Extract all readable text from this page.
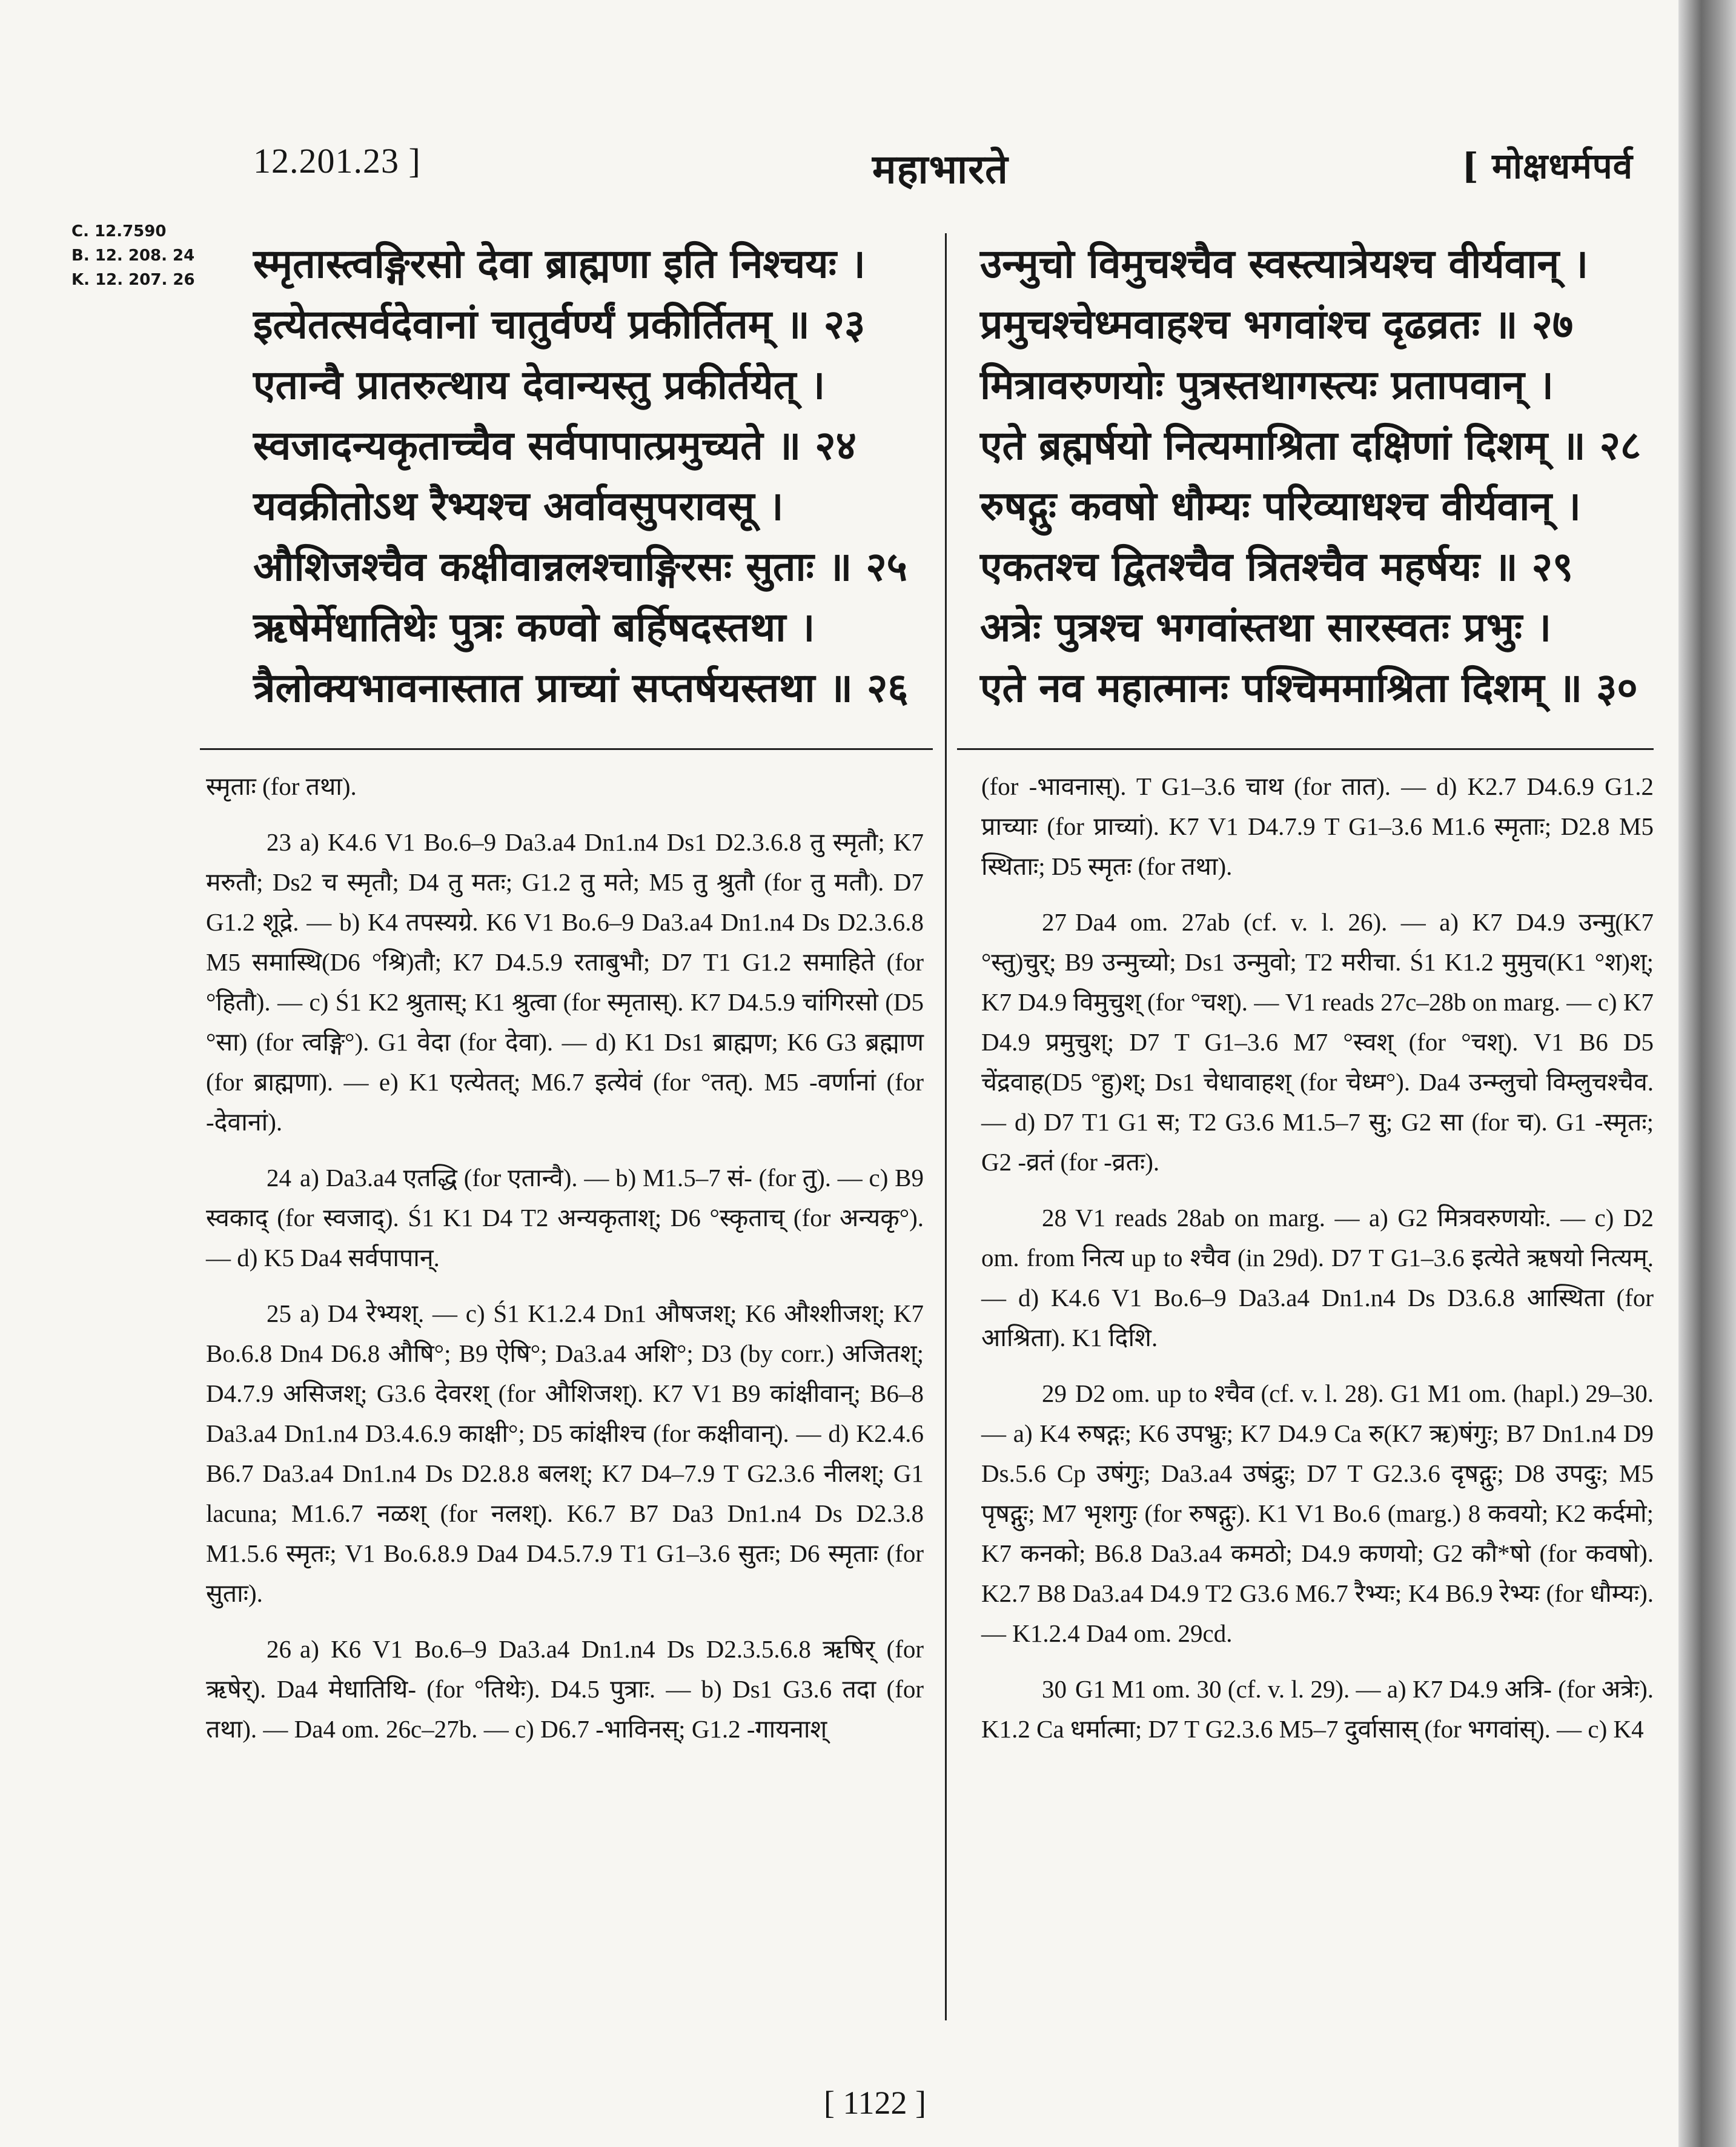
12.201.23 ]	महाभारते	[ मोक्षधर्मपर्व
C. 12.7590
B. 12. 208. 24
K. 12. 207. 26 स्मृतास्त्वङ्गिरसो देवा ब्राह्मणा इति निश्चयः ।
इत्येतत्सर्वदेवानां चातुर्वर्ण्यं प्रकीर्तितम् ॥ २३
एतान्वै प्रातरुत्थाय देवान्यस्तु प्रकीर्तयेत् ।
स्वजादन्यकृताच्चैव सर्वपापात्प्रमुच्यते ॥ २४
यवक्रीतोऽथ रैभ्यश्च अर्वावसुपरावसू ।
औशिजश्चैव कक्षीवान्नलश्चाङ्गिरसः सुताः ॥ २५
ऋषेर्मेधातिथेः पुत्रः कण्वो बर्हिषदस्तथा ।
त्रैलोक्यभावनास्तात प्राच्यां सप्तर्षयस्तथा ॥ २६
उन्मुचो विमुचश्चैव स्वस्त्यात्रेयश्च वीर्यवान् ।
प्रमुचश्चेध्मवाहश्च भगवांश्च दृढव्रतः ॥ २७
मित्रावरुणयोः पुत्रस्तथागस्त्यः प्रतापवान् ।
एते ब्रह्मर्षयो नित्यमाश्रिता दक्षिणां दिशम् ॥ २८
रुषद्गुः कवषो धौम्यः परिव्याधश्च वीर्यवान् ।
एकतश्च द्वितश्चैव त्रितश्चैव महर्षयः ॥ २९
अत्रेः पुत्रश्च भगवांस्तथा सारस्वतः प्रभुः ।
एते नव महात्मानः पश्चिममाश्रिता दिशम् ॥ ३०
स्मृताः (for तथा).
23 a) K4.6 V1 Bo.6–9 Da3.a4 Dn1.n4 Ds1 D2.3.6.8 तु स्मृतौ; K7 मरुतौ; Ds2 च स्मृतौ; D4 तु मतः; G1.2 तु मते; M5 तु श्रुतौ (for तु मतौ). D7 G1.2 शूद्रे. — b) K4 तपस्यग्रे. K6 V1 Bo.6–9 Da3.a4 Dn1.n4 Ds D2.3.6.8 M5 समास्थि(D6 °श्रि)तौ; K7 D4.5.9 रताबुभौ; D7 T1 G1.2 समाहिते (for °हितौ). — c) Ś1 K2 श्रुतास्; K1 श्रुत्वा (for स्मृतास्). K7 D4.5.9 चांगिरसो (D5 °सा) (for त्वङ्गि°). G1 वेदा (for देवा). — d) K1 Ds1 ब्राह्मण; K6 G3 ब्रह्माण (for ब्राह्मणा). — e) K1 एत्येतत्; M6.7 इत्येवं (for °तत्). M5 -वर्णानां (for -देवानां).
24 a) Da3.a4 एतद्धि (for एतान्वै). — b) M1.5–7 सं- (for तु). — c) B9 स्वकाद् (for स्वजाद्). Ś1 K1 D4 T2 अन्यकृताश्; D6 °स्कृताच् (for अन्यकृ°). — d) K5 Da4 सर्वपापान्.
25 a) D4 रेभ्यश्. — c) Ś1 K1.2.4 Dn1 औषजश्; K6 औश्शीजश्; K7 Bo.6.8 Dn4 D6.8 औषि°; B9 ऐषि°; Da3.a4 अशि°; D3 (by corr.) अजितश्; D4.7.9 असिजश्; G3.6 देवरश् (for औशिजश्). K7 V1 B9 कांक्षीवान्; B6–8 Da3.a4 Dn1.n4 D3.4.6.9 काक्षी°; D5 कांक्षीश्च (for कक्षीवान्). — d) K2.4.6 B6.7 Da3.a4 Dn1.n4 Ds D2.8.8 बलश्; K7 D4–7.9 T G2.3.6 नीलश्; G1 lacuna; M1.6.7 नळश् (for नलश्). K6.7 B7 Da3 Dn1.n4 Ds D2.3.8 M1.5.6 स्मृतः; V1 Bo.6.8.9 Da4 D4.5.7.9 T1 G1–3.6 सुतः; D6 स्मृताः (for सुताः).
26 a) K6 V1 Bo.6–9 Da3.a4 Dn1.n4 Ds D2.3.5.6.8 ऋषिर् (for ऋषेर्). Da4 मेधातिथि- (for °तिथेः). D4.5 पुत्राः. — b) Ds1 G3.6 तदा (for तथा). — Da4 om. 26c–27b. — c) D6.7 -भाविनस्; G1.2 -गायनाश्
(for -भावनास्). T G1–3.6 चाथ (for तात). — d) K2.7 D4.6.9 G1.2 प्राच्याः (for प्राच्यां). K7 V1 D4.7.9 T G1–3.6 M1.6 स्मृताः; D2.8 M5 स्थिताः; D5 स्मृतः (for तथा).
27 Da4 om. 27ab (cf. v. l. 26). — a) K7 D4.9 उन्मु(K7 °स्तु)चुर्; B9 उन्मुच्यो; Ds1 उन्मुवो; T2 मरीचा. Ś1 K1.2 मुमुच(K1 °श)श्; K7 D4.9 विमुचुश् (for °चश्). — V1 reads 27c–28b on marg. — c) K7 D4.9 प्रमुचुश्; D7 T G1–3.6 M7 °स्वश् (for °चश्). V1 B6 D5 चेंद्रवाह(D5 °हु)श्; Ds1 चेधावाहश् (for चेध्म°). Da4 उन्म्लुचो विम्लुचश्चैव. — d) D7 T1 G1 स; T2 G3.6 M1.5–7 सु; G2 सा (for च). G1 -स्मृतः; G2 -व्रतं (for -व्रतः).
28 V1 reads 28ab on marg. — a) G2 मित्रवरुणयोः. — c) D2 om. from नित्य up to श्चैव (in 29d). D7 T G1–3.6 इत्येते ऋषयो नित्यम्. — d) K4.6 V1 Bo.6–9 Da3.a4 Dn1.n4 Ds D3.6.8 आस्थिता (for आश्रिता). K1 दिशि.
29 D2 om. up to श्चैव (cf. v. l. 28). G1 M1 om. (hapl.) 29–30. — a) K4 रुषद्गः; K6 उपभ्रुः; K7 D4.9 Ca रु(K7 ऋ)षंगुः; B7 Dn1.n4 D9 Ds.5.6 Cp उषंगुः; Da3.a4 उषंद्रुः; D7 T G2.3.6 दृषद्गुः; D8 उपदुः; M5 पृषद्गुः; M7 भृशगुः (for रुषद्गुः). K1 V1 Bo.6 (marg.) 8 कवयो; K2 कर्दमो; K7 कनको; B6.8 Da3.a4 कमठो; D4.9 कणयो; G2 कौ*षो (for कवषो). K2.7 B8 Da3.a4 D4.9 T2 G3.6 M6.7 रैभ्यः; K4 B6.9 रेभ्यः (for धौम्यः). — K1.2.4 Da4 om. 29cd.
30 G1 M1 om. 30 (cf. v. l. 29). — a) K7 D4.9 अत्रि- (for अत्रेः). K1.2 Ca धर्मात्मा; D7 T G2.3.6 M5–7 दुर्वासास् (for भगवांस्). — c) K4
[ 1122 ]
